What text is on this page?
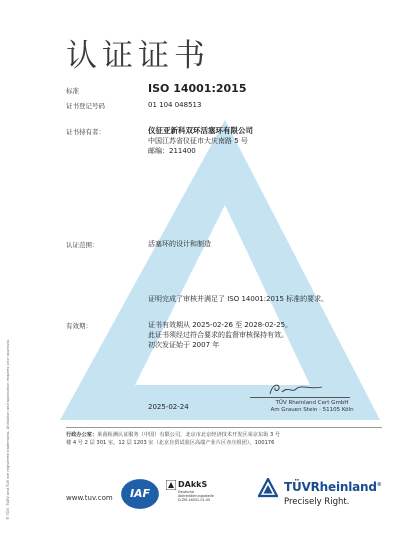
认证证书
标准	ISO 14001:2015
证书登记号码	01 104 048513
证书持有者：	仪征亚新科双环活塞环有限公司
中国江苏省仪征市大庆南路 5 号
邮编：211400
认证范围：	活塞环的设计和制造
证明完成了审核并满足了 ISO 14001:2015 标准的要求。
有效期：	证书有效期从 2025-02-26 至 2028-02-25。
此证书须经过符合要求的监督审核保持有效。
初次发证始于 2007 年
TÜV Rheinland Cert GmbH
Am Grauen Stein · 51105 Köln
2025-02-24
行政办公室：莱茵检测认证服务（中国）有限公司，北京市北京经济技术开发区荣京东街 3 号
楼 4 号 2 层 301 室，12 层 1203 室（北京自贸试验区高端产业片区亦庄组团），100176
® TÜV, TUEV and TUV are registered trademarks. Utilisation and application requires prior approval.	www.tuv.com	IAF
DAkkS
Deutsche Akkreditierungsstelle D-ZM-16031-01-00
TÜVRheinland®
Precisely Right.
